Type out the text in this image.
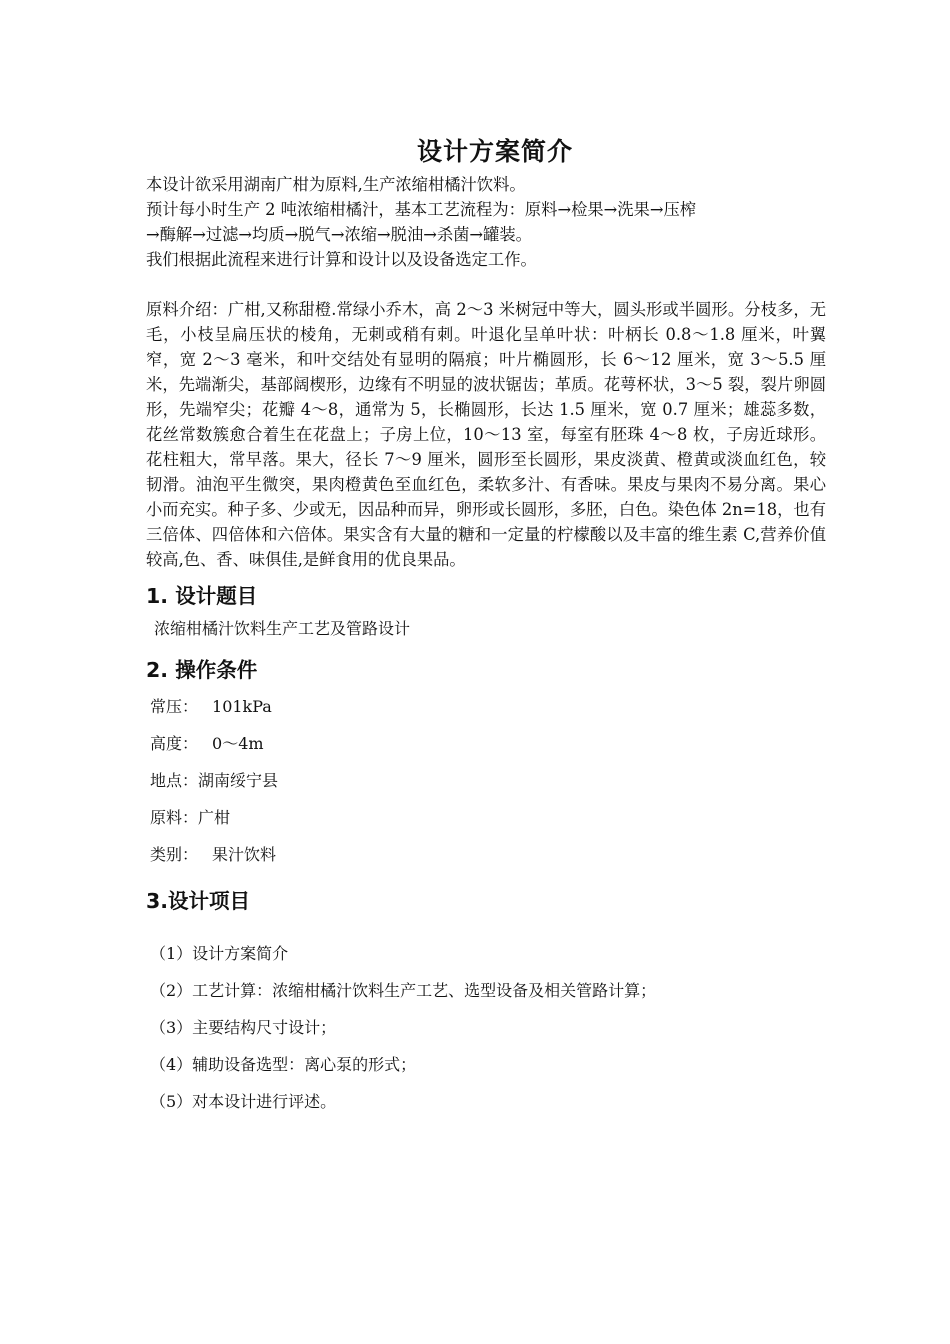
设计方案简介

本设计欲采用湖南广柑为原料,生产浓缩柑橘汁饮料。

预计每小时生产 2 吨浓缩柑橘汁，基本工艺流程为：原料→检果→洗果→压榨

→酶解→过滤→均质→脱气→浓缩→脱油→杀菌→罐装。

我们根据此流程来进行计算和设计以及设备选定工作。

原料介绍：广柑,又称甜橙.常绿小乔木，高 2～3 米树冠中等大，圆头形或半圆形。分枝多，无毛，小枝呈扁压状的棱角，无刺或稍有刺。叶退化呈单叶状：叶柄长 0.8～1.8 厘米，叶翼窄，宽 2～3 毫米，和叶交结处有显明的隔痕；叶片椭圆形，长 6～12 厘米，宽 3～5.5 厘米，先端渐尖，基部阔楔形，边缘有不明显的波状锯齿；革质。花萼杯状，3～5 裂，裂片卵圆形，先端窄尖；花瓣 4～8，通常为 5，长椭圆形，长达 1.5 厘米，宽 0.7 厘米；雄蕊多数，花丝常数簇愈合着生在花盘上；子房上位，10～13 室，每室有胚珠 4～8 枚，子房近球形。花柱粗大，常早落。果大，径长 7～9 厘米，圆形至长圆形，果皮淡黄、橙黄或淡血红色，较韧滑。油泡平生微突，果肉橙黄色至血红色，柔软多汁、有香味。果皮与果肉不易分离。果心小而充实。种子多、少或无，因品种而异，卵形或长圆形，多胚，白色。染色体 2n=18，也有三倍体、四倍体和六倍体。果实含有大量的糖和一定量的柠檬酸以及丰富的维生素 C,营养价值较高,色、香、味俱佳,是鲜食用的优良果品。

1. 设计题目

浓缩柑橘汁饮料生产工艺及管路设计

2. 操作条件
常压： 101kPa
高度： 0～4m
地点：湖南绥宁县
原料：广柑
类别： 果汁饮料
3.设计项目

（1）设计方案简介

（2）工艺计算：浓缩柑橘汁饮料生产工艺、选型设备及相关管路计算；

（3）主要结构尺寸设计；

（4）辅助设备选型：离心泵的形式；

（5）对本设计进行评述。
